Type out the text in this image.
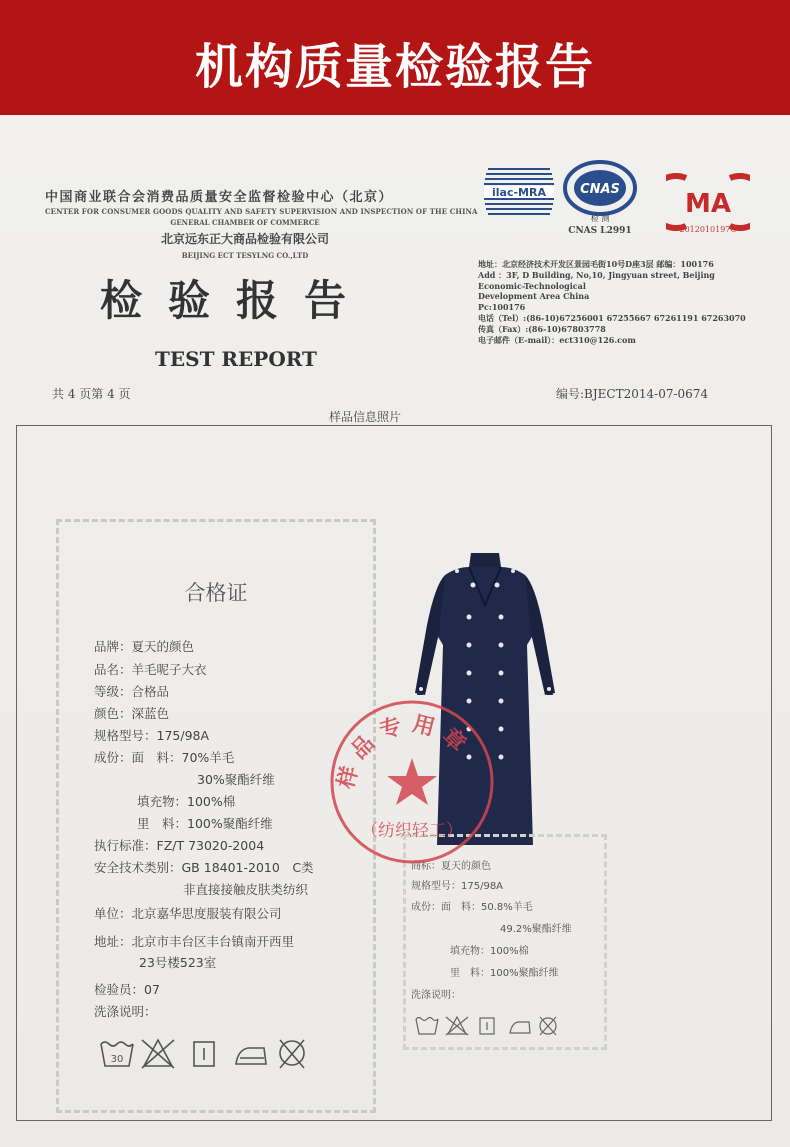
机构质量检验报告
中国商业联合会消费品质量安全监督检验中心（北京）
CENTER FOR CONSUMER GOODS QUALITY AND SAFETY SUPERVISION AND INSPECTION OF THE CHINA
GENERAL CHAMBER OF COMMERCE
北京远东正大商品检验有限公司
BEIJING ECT TESYLNG CO.,LTD
检验报告
TEST REPORT
ilac-MRA	CNAS
检 测
CNAS L2991
MA
2012010197C
地址：北京经济技术开发区景园毛街10号D座3层 邮编：100176
Add ：3F, D Building, No,10, Jingyuan street, Beijing
Economic-Technological
Development Area China
Pc:100176
电话（Tel）:(86-10)67256001 67255667 67261191 67263070
传真（Fax）:(86-10)67803778
电子邮件（E-mail）：ect310@126.com
共 4 页第 4 页	编号:BJECT2014-07-0674
样品信息照片
合格证
品牌：夏天的颜色
品名：羊毛呢子大衣
等级：合格品
颜色：深蓝色
规格型号：175/98A
成份：面　料：70%羊毛
30%聚酯纤维
填充物：100%棉
里　料：100%聚酯纤维
执行标准：FZ/T 73020-2004
安全技术类别：GB 18401-2010　C类
非直接接触皮肤类纺织
单位：北京嘉华思度服装有限公司
地址：北京市丰台区丰台镇南开西里
23号楼523室
检验员：07
洗涤说明：
30
商标：夏天的颜色
规格型号：175/98A
成份：面　料：50.8%羊毛
49.2%聚酯纤维
填充物：100%棉
里　料：100%聚酯纤维
洗涤说明：
样品专用章
（纺织轻工）
